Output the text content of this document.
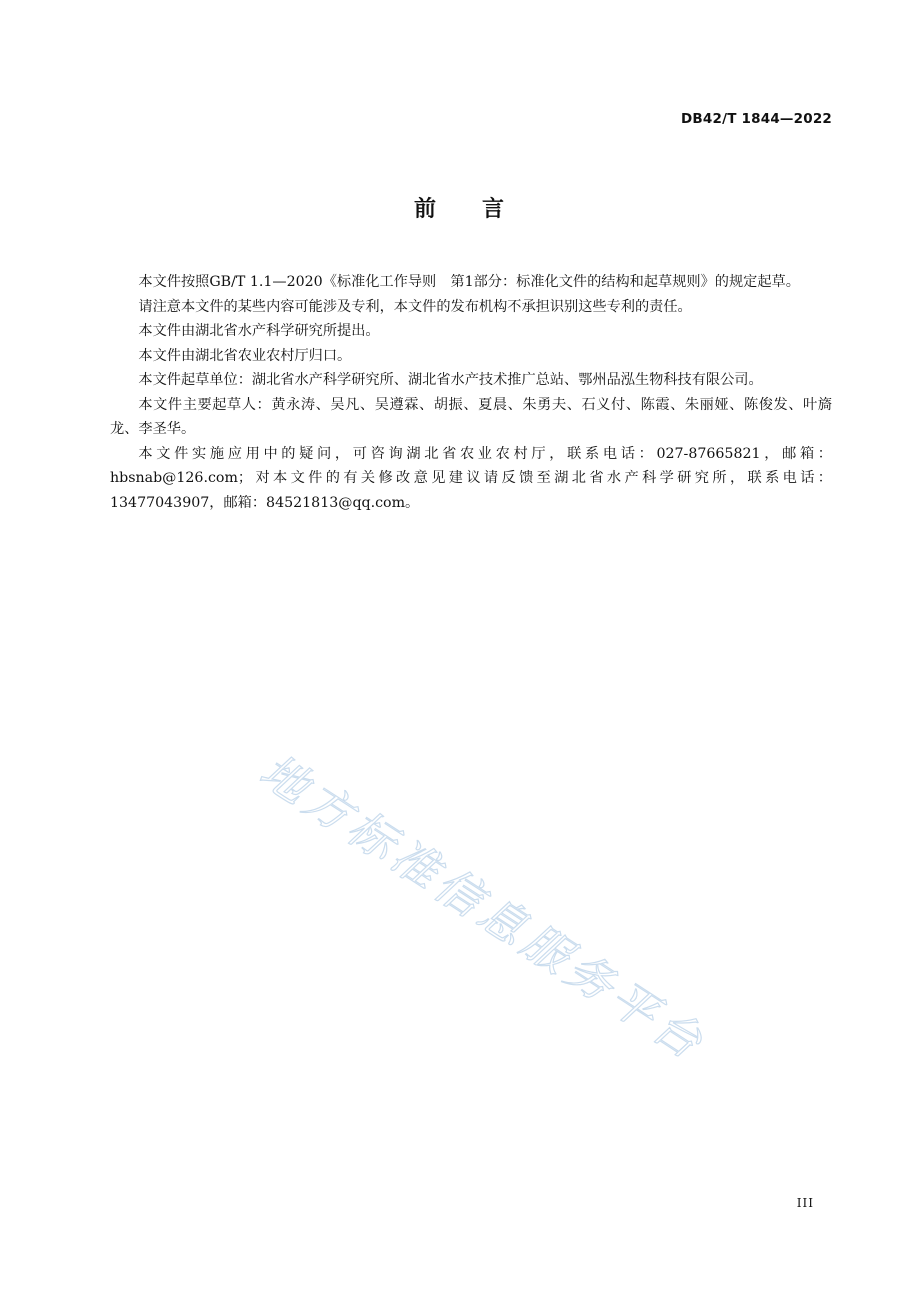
DB42/T 1844—2022
前 言

本文件按照GB/T 1.1—2020《标准化工作导则　第1部分：标准化文件的结构和起草规则》的规定起草。

请注意本文件的某些内容可能涉及专利，本文件的发布机构不承担识别这些专利的责任。

本文件由湖北省水产科学研究所提出。

本文件由湖北省农业农村厅归口。

本文件起草单位：湖北省水产科学研究所、湖北省水产技术推广总站、鄂州品泓生物科技有限公司。

本文件主要起草人：黄永涛、吴凡、吴遵霖、胡振、夏晨、朱勇夫、石义付、陈霞、朱丽娅、陈俊发、叶旖龙、李圣华。

本文件实施应用中的疑问，可咨询湖北省农业农村厅，联系电话：027-87665821，邮箱：hbsnab@126.com；对本文件的有关修改意见建议请反馈至湖北省水产科学研究所，联系电话：13477043907，邮箱：84521813@qq.com。

地方标准信息服务平台
III
